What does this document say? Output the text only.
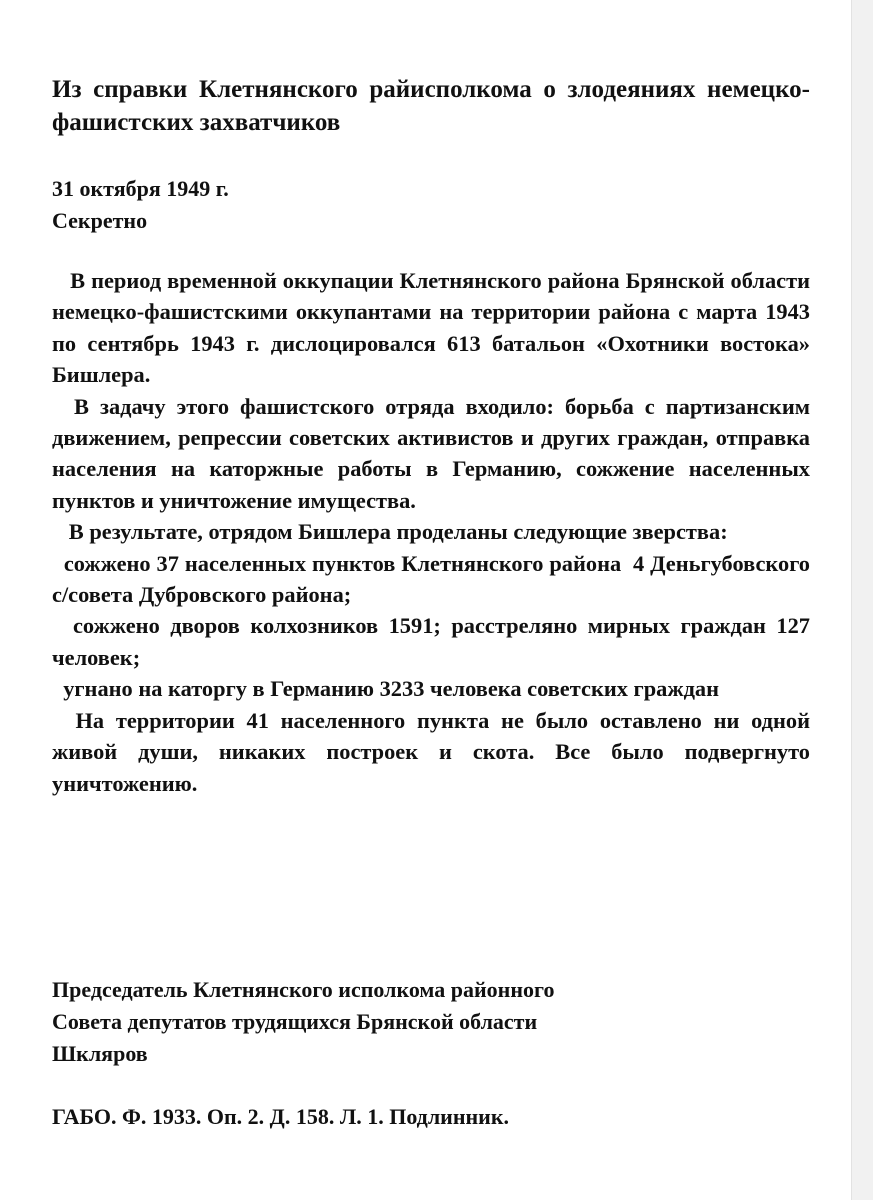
Из справки Клетнянского райисполкома о злодеяниях немецко-фашистских захватчиков
31 октября 1949 г.
Секретно

В период временной оккупации Клетнянского района Брянской области немецко-фашистскими оккупантами на территории района с марта 1943 по сентябрь 1943 г. дислоцировался 613 батальон «Охотники востока» Бишлера.

В задачу этого фашистского отряда входило: борьба с партизанским движением, репрессии советских активистов и других граждан, отправка населения на каторжные работы в Германию, сожжение населенных пунктов и уничтожение имущества.

В результате, отрядом Бишлера проделаны следующие зверства:

сожжено 37 населенных пунктов Клетнянского района  4 Деньгубовского с/совета Дубровского района;

сожжено дворов колхозников 1591; расстреляно мирных граждан 127 человек;

угнано на каторгу в Германию 3233 человека советских граждан

На территории 41 населенного пункта не было оставлено ни одной живой души, никаких построек и скота. Все было подвергнуто уничтожению.

Председатель Клетнянского исполкома районного
Совета депутатов трудящихся Брянской области
Шкляров
ГАБО. Ф. 1933. Оп. 2. Д. 158. Л. 1. Подлинник.
